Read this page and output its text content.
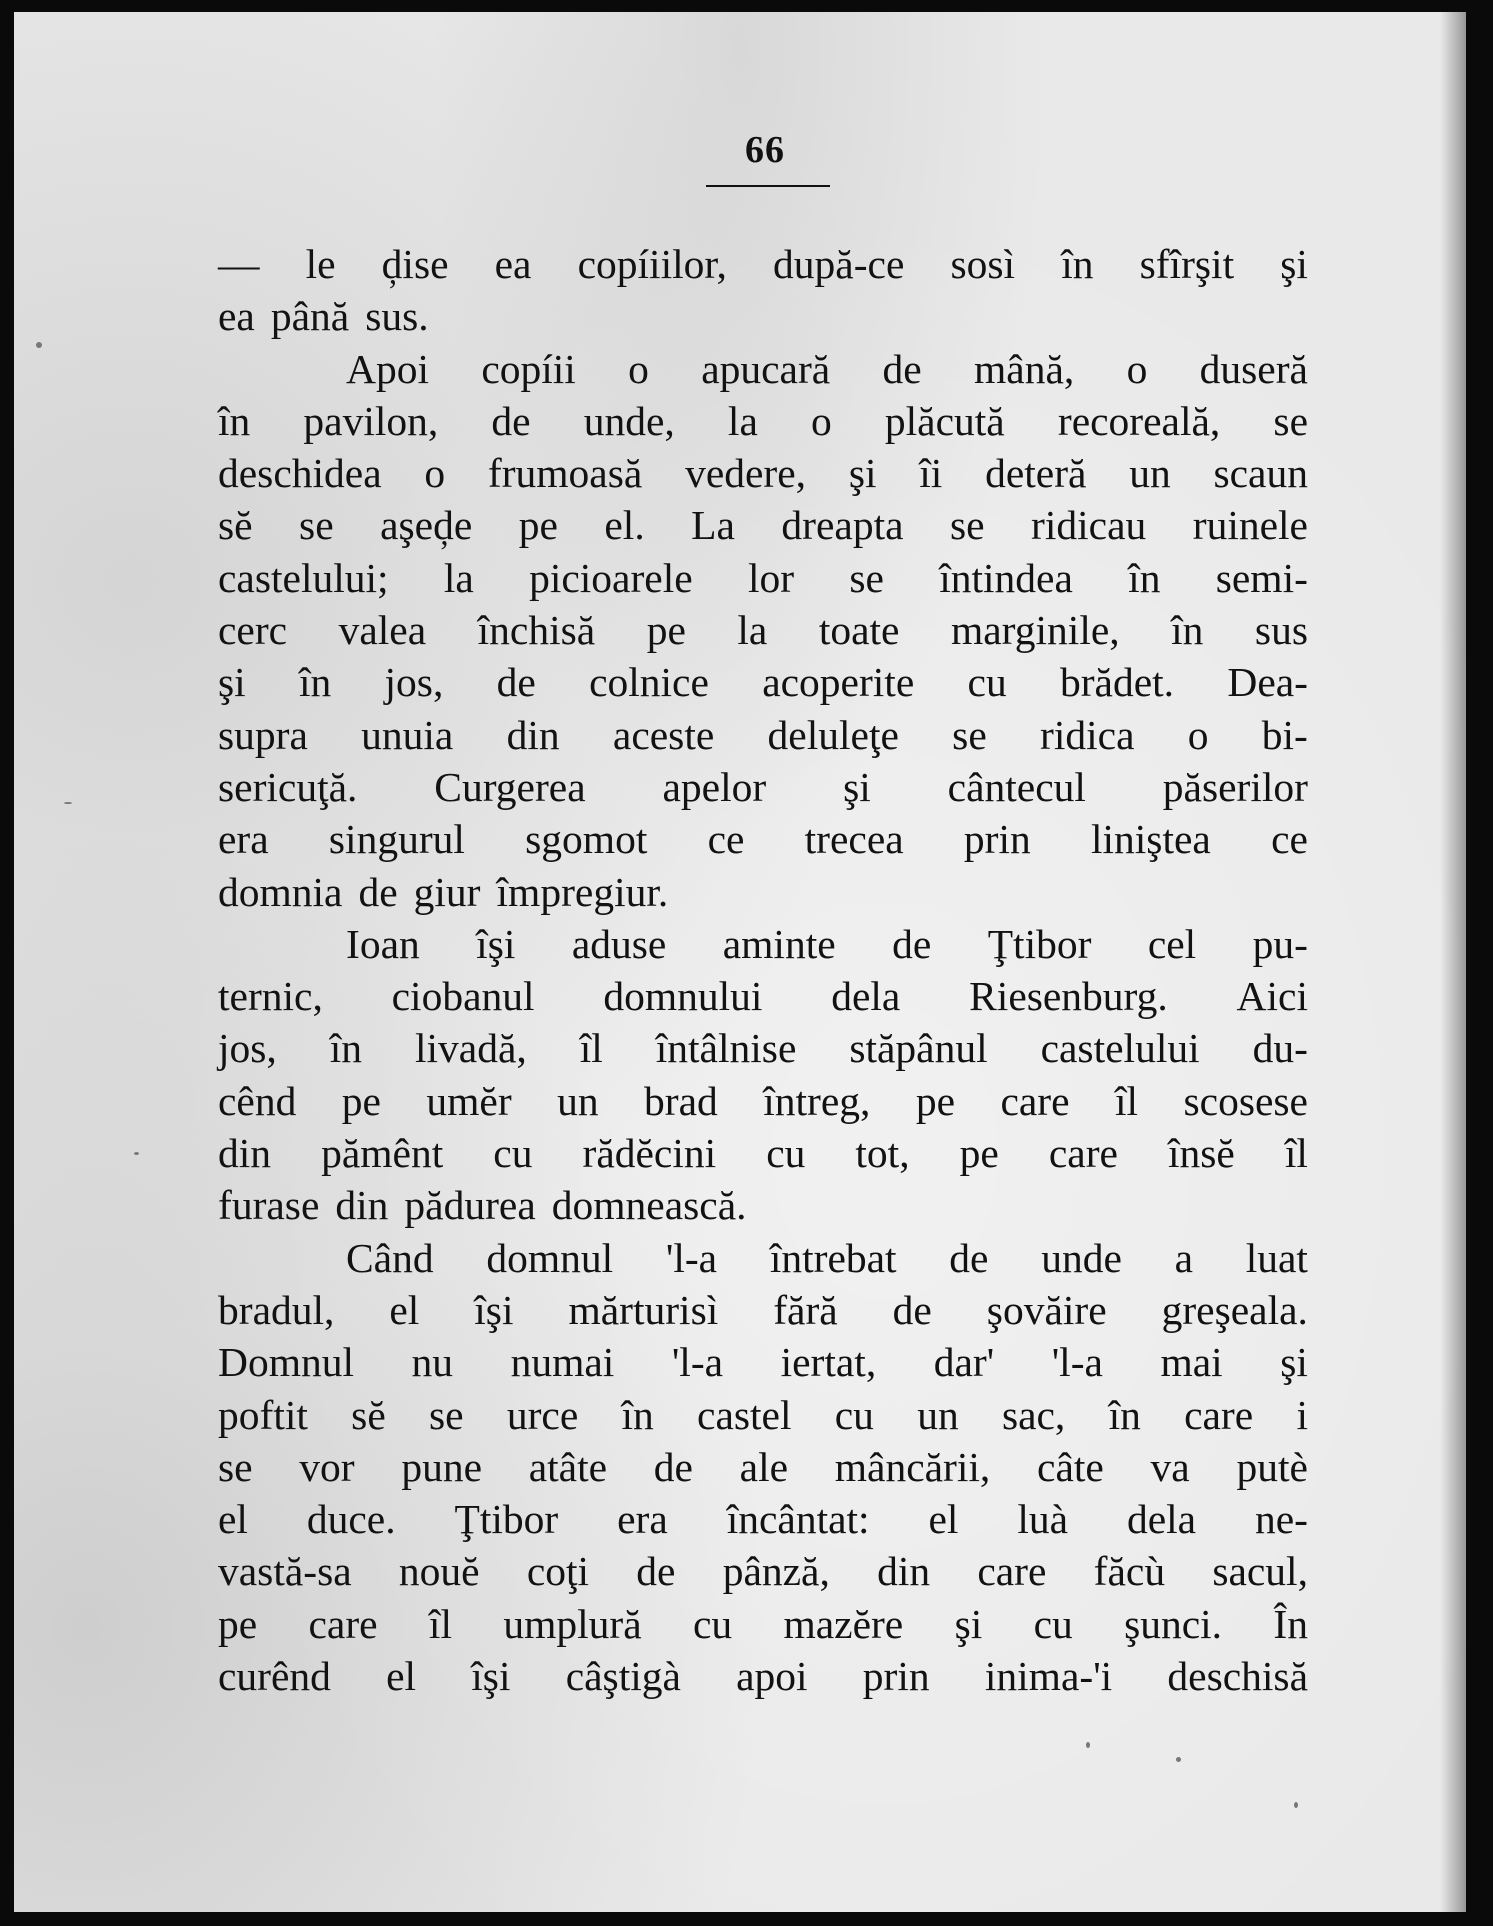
66
— le ḑise ea copíiilor, după-ce sosì în sfîrşit şi
ea până sus.
Apoi copíii o apucară de mână, o duseră
în pavilon, de unde, la o plăcută recoreală, se
deschidea o frumoasă vedere, şi îi deteră un scaun
sĕ se aşeḑe pe el. La dreapta se ridicau ruinele
castelului; la picioarele lor se întindea în semi-
cerc valea închisă pe la toate marginile, în sus
şi în jos, de colnice acoperite cu brădet. Dea-
supra unuia din aceste deluleţe se ridica o bi-
sericuţă. Curgerea apelor şi cântecul păserilor
era singurul sgomot ce trecea prin liniştea ce
domnia de giur împregiur.
Ioan îşi aduse aminte de Ţtibor cel pu-
ternic, ciobanul domnului dela Riesenburg. Aici
jos, în livadă, îl întâlnise stăpânul castelului du-
cênd pe umĕr un brad întreg, pe care îl scosese
din pămênt cu rădĕcini cu tot, pe care însĕ îl
furase din pădurea domnească.
Când domnul 'l-a întrebat de unde a luat
bradul, el îşi mărturisì fără de şovăire greşeala.
Domnul nu numai 'l-a iertat, dar' 'l-a mai şi
poftit sĕ se urce în castel cu un sac, în care i
se vor pune atâte de ale mâncării, câte va putè
el duce. Ţtibor era încântat: el luà dela ne-
vastă-sa nouĕ coţi de pânză, din care făcù sacul,
pe care îl umplură cu mazĕre şi cu şunci. În
curênd el îşi câştigà apoi prin inima-'i deschisă
